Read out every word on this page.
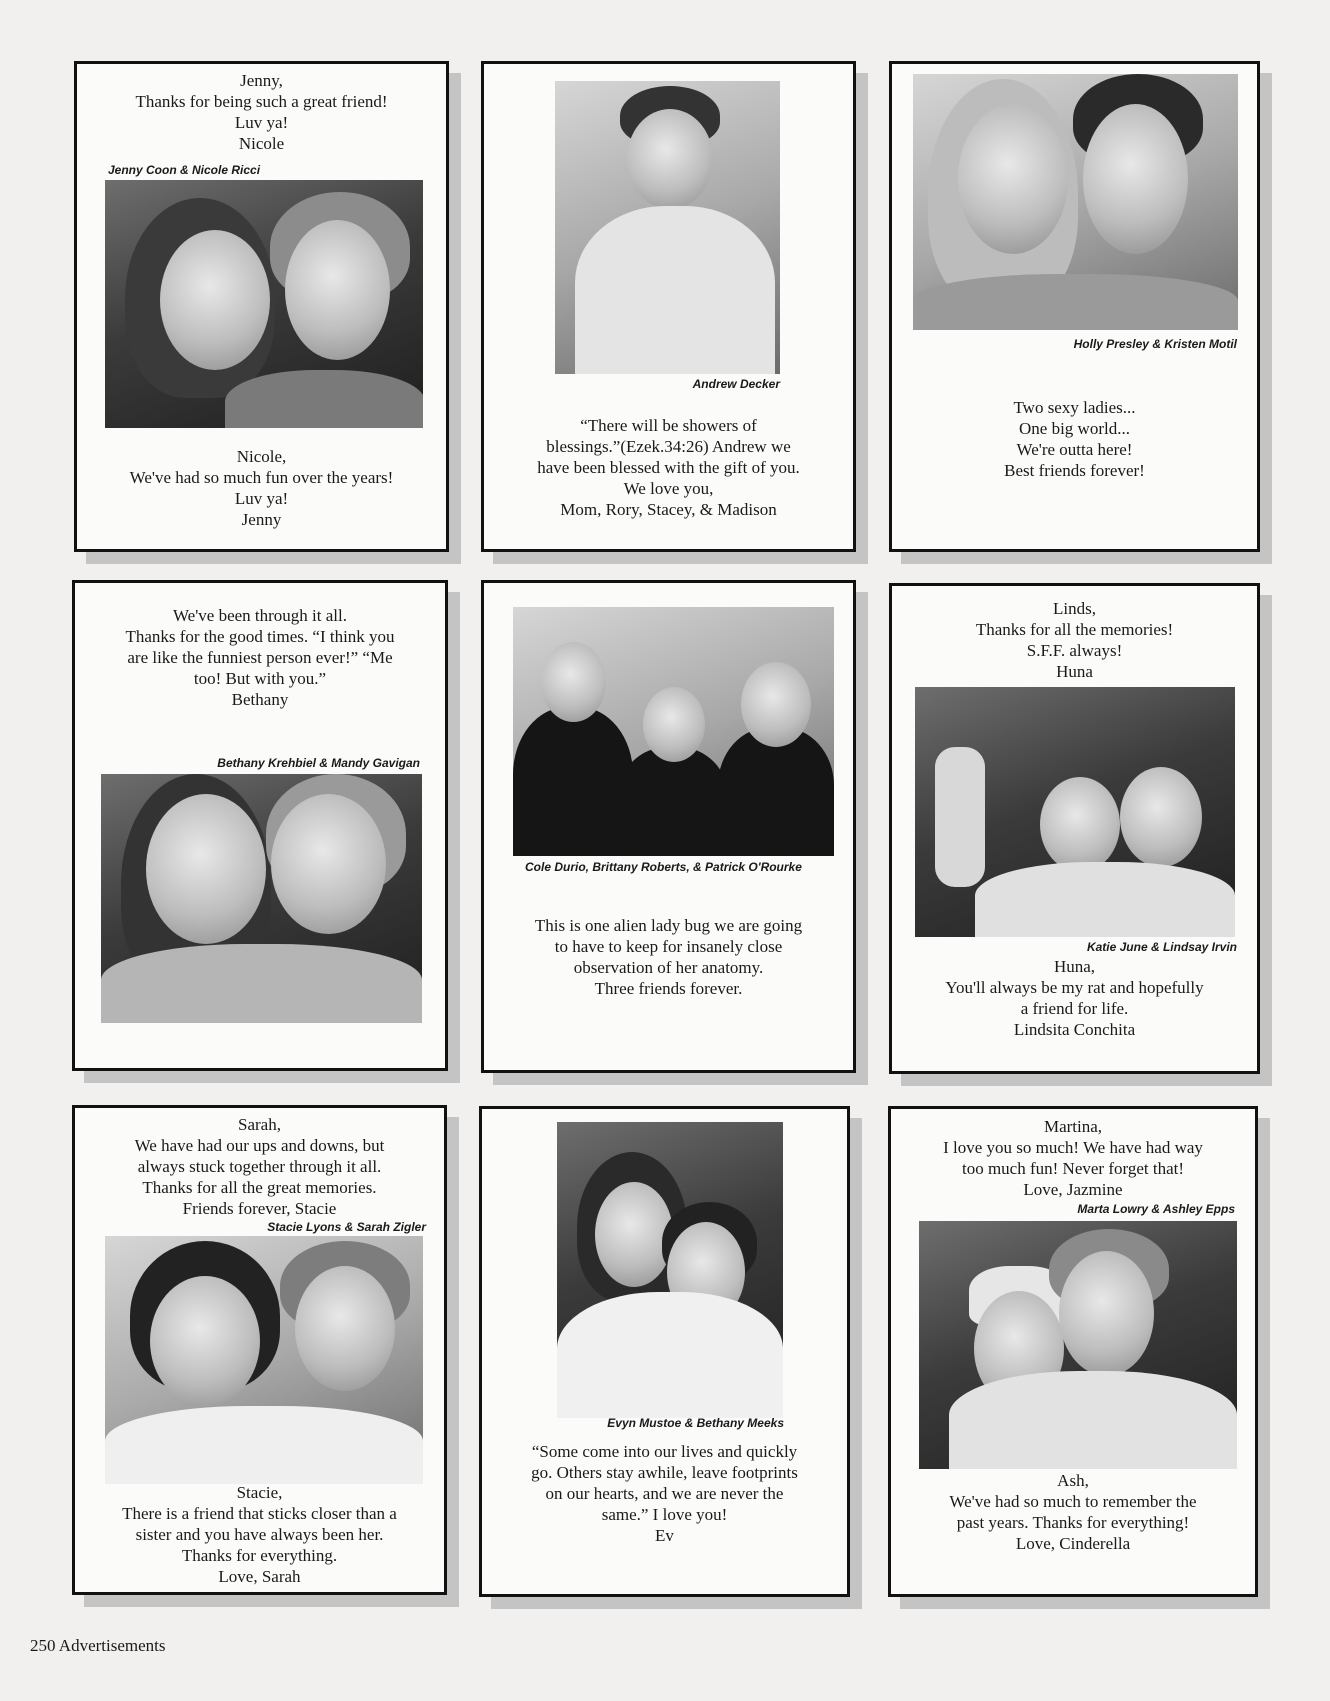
Jenny,
Thanks for being such a great friend!
Luv ya!
Nicole
Jenny Coon & Nicole Ricci
Nicole,
We've had so much fun over the years!
Luv ya!
Jenny
Andrew Decker
“There will be showers of
blessings.”(Ezek.34:26) Andrew we
have been blessed with the gift of you.
We love you,
Mom, Rory, Stacey, & Madison
Holly Presley & Kristen Motil
Two sexy ladies...
One big world...
We're outta here!
Best friends forever!
We've been through it all.
Thanks for the good times. “I think you
are like the funniest person ever!” “Me
too! But with you.”
Bethany
Bethany Krehbiel & Mandy Gavigan
Cole Durio, Brittany Roberts, & Patrick O'Rourke
This is one alien lady bug we are going
to have to keep for insanely close
observation of her anatomy.
Three friends forever.
Linds,
Thanks for all the memories!
S.F.F. always!
Huna
Katie June & Lindsay Irvin
Huna,
You'll always be my rat and hopefully
a friend for life.
Lindsita Conchita
Sarah,
We have had our ups and downs, but
always stuck together through it all.
Thanks for all the great memories.
Friends forever, Stacie
Stacie Lyons & Sarah Zigler
Stacie,
There is a friend that sticks closer than a
sister and you have always been her.
Thanks for everything.
Love, Sarah
Evyn Mustoe & Bethany Meeks
“Some come into our lives and quickly
go. Others stay awhile, leave footprints
on our hearts, and we are never the
same.” I love you!
Ev
Martina,
I love you so much! We have had way
too much fun! Never forget that!
Love, Jazmine
Marta Lowry & Ashley Epps
Ash,
We've had so much to remember the
past years. Thanks for everything!
Love, Cinderella
250 Advertisements
